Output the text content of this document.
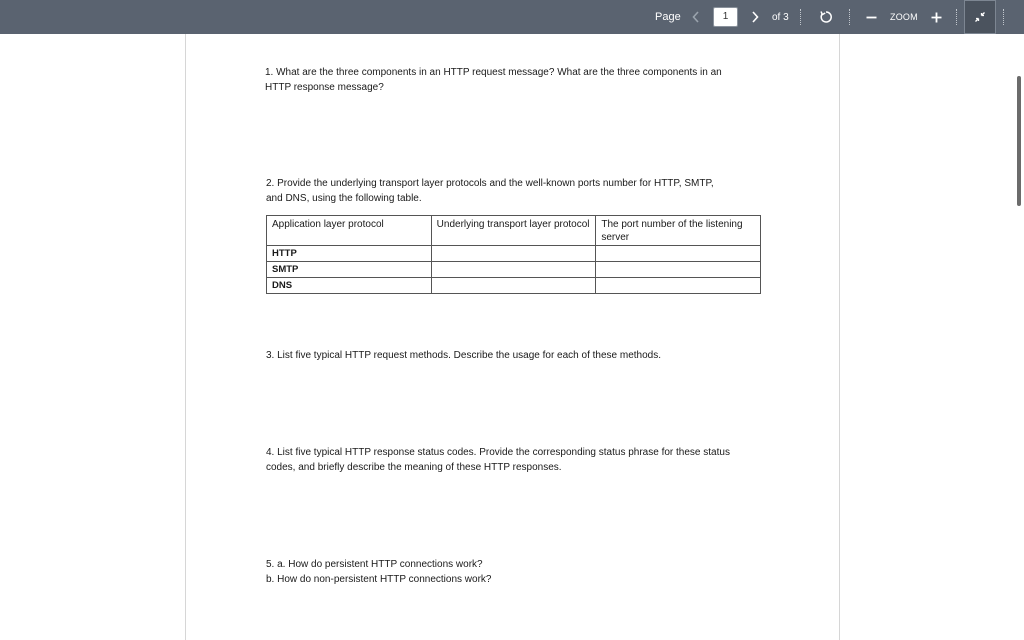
Page	1	of 3	ZOOM
1. What are the three components in an HTTP request message? What are the three components in an
HTTP response message?
2. Provide the underlying transport layer protocols and the well-known ports number for HTTP, SMTP,
and DNS, using the following table.
Application layer protocol	Underlying transport layer protocol	The port number of the listening server
HTTP		
SMTP		
DNS		
3. List five typical HTTP request methods. Describe the usage for each of these methods.
4. List five typical HTTP response status codes. Provide the corresponding status phrase for these status
codes, and briefly describe the meaning of these HTTP responses.
5. a. How do persistent HTTP connections work?
b. How do non-persistent HTTP connections work?
